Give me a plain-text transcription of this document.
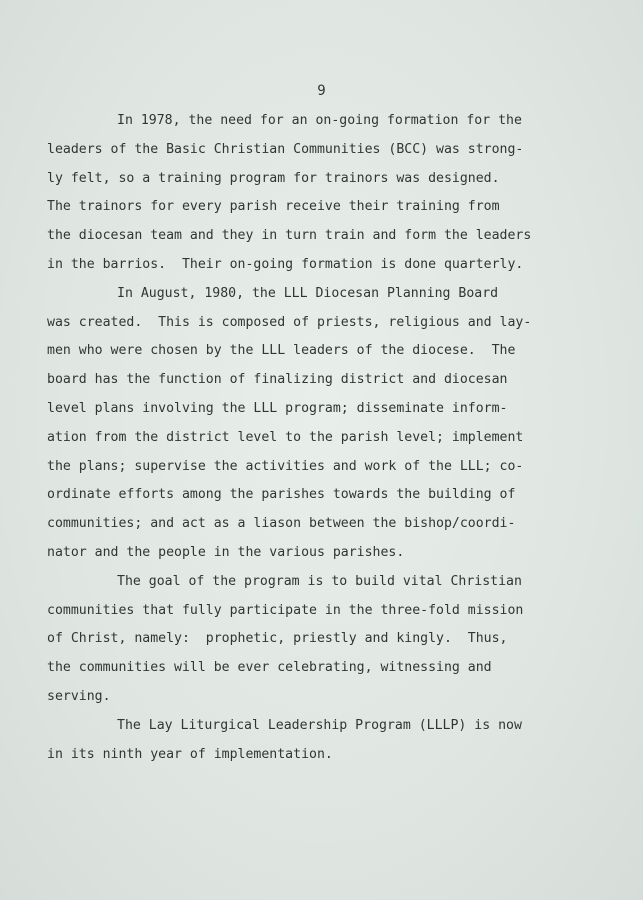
9
In 1978, the need for an on-going formation for the
leaders of the Basic Christian Communities (BCC) was strong-
ly felt, so a training program for trainors was designed.
The trainors for every parish receive their training from
the diocesan team and they in turn train and form the leaders
in the barrios.  Their on-going formation is done quarterly.
In August, 1980, the LLL Diocesan Planning Board
was created.  This is composed of priests, religious and lay-
men who were chosen by the LLL leaders of the diocese.  The
board has the function of finalizing district and diocesan
level plans involving the LLL program; disseminate inform-
ation from the district level to the parish level; implement
the plans; supervise the activities and work of the LLL; co-
ordinate efforts among the parishes towards the building of
communities; and act as a liason between the bishop/coordi-
nator and the people in the various parishes.
The goal of the program is to build vital Christian
communities that fully participate in the three-fold mission
of Christ, namely:  prophetic, priestly and kingly.  Thus,
the communities will be ever celebrating, witnessing and
serving.
The Lay Liturgical Leadership Program (LLLP) is now
in its ninth year of implementation.
